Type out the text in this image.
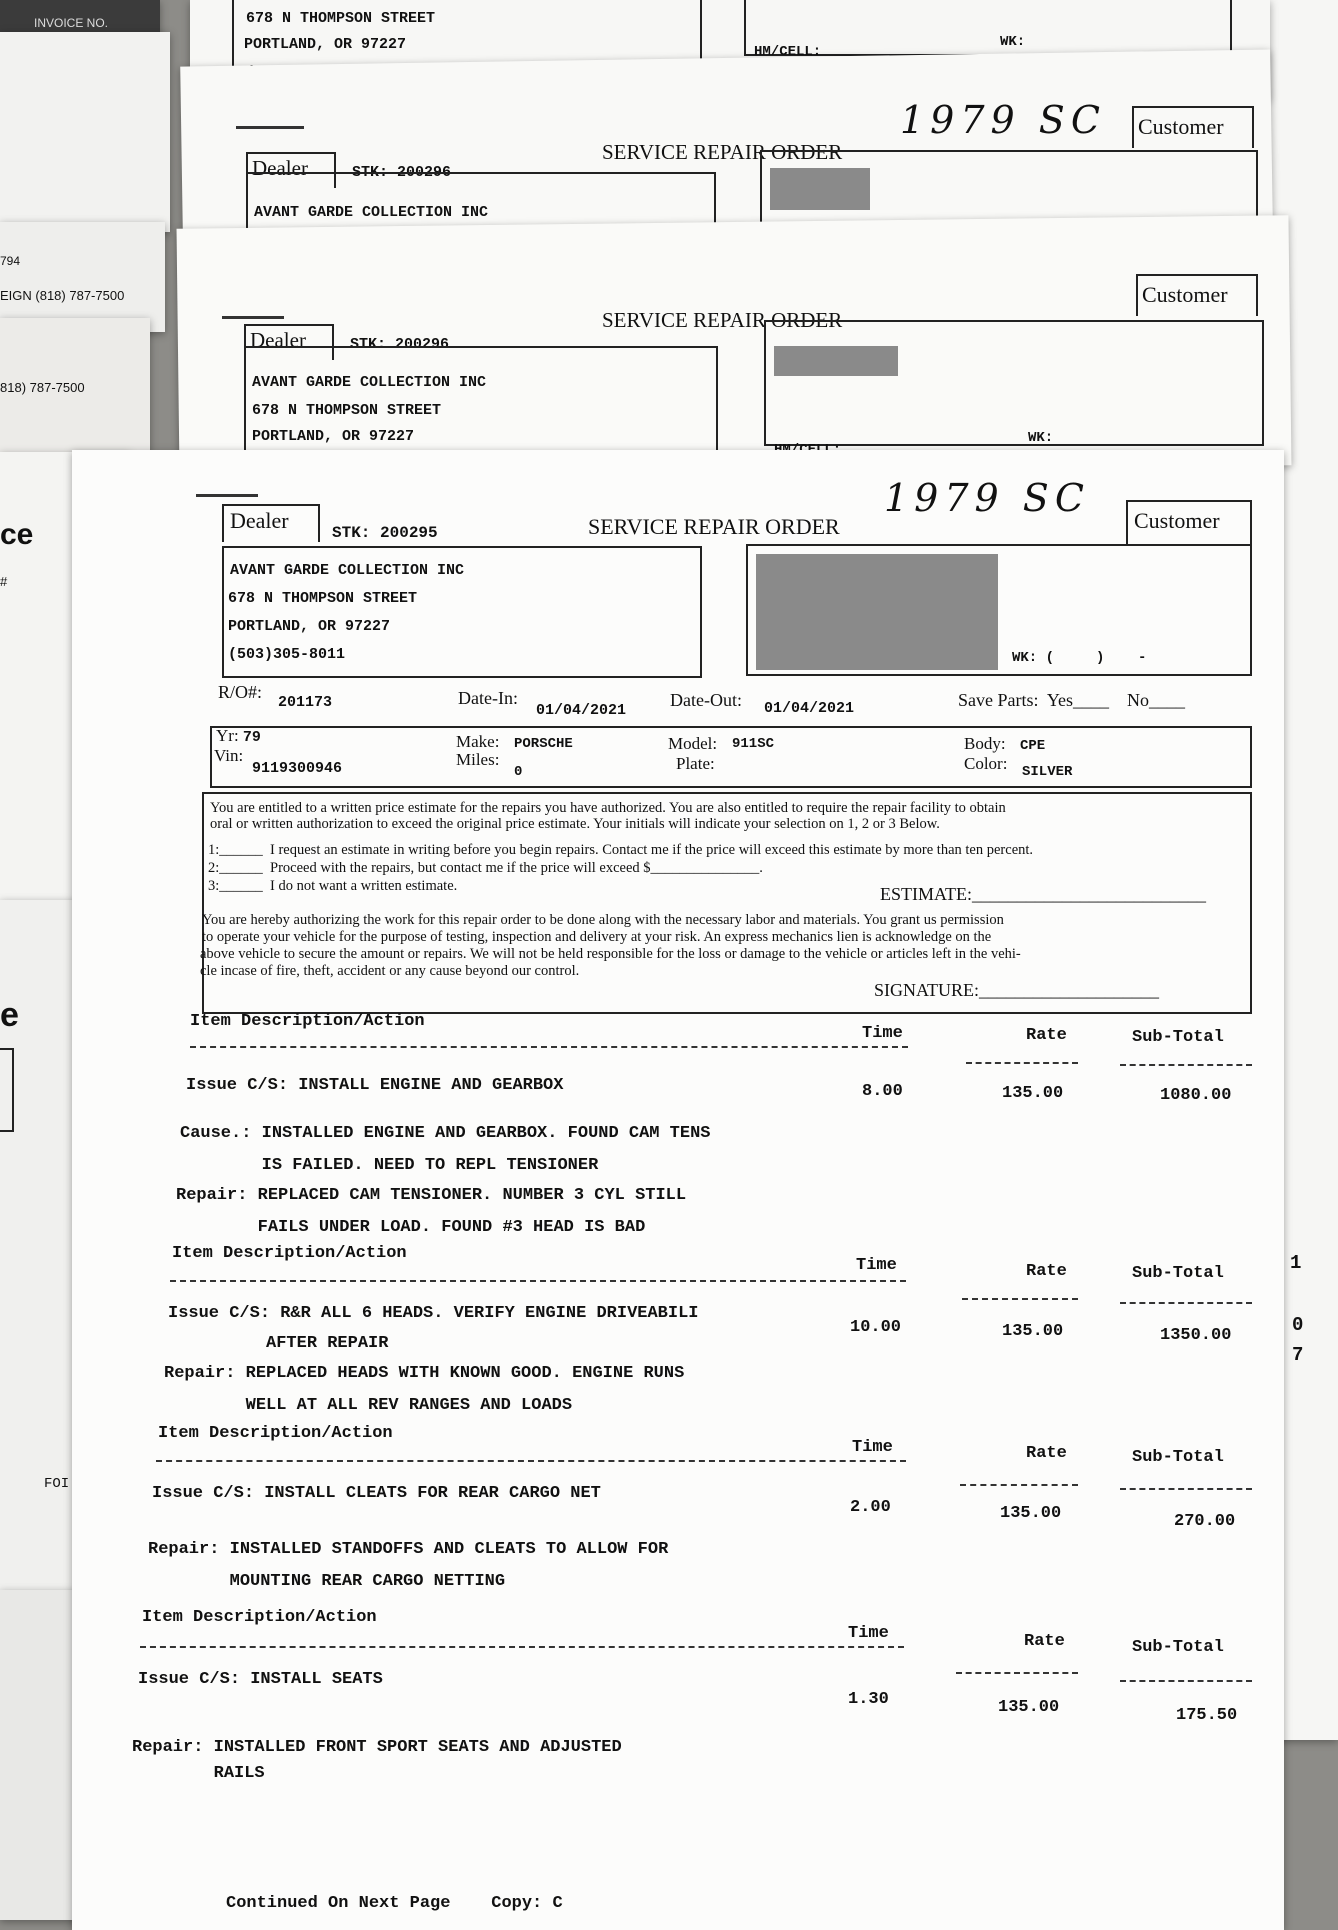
INVOICE NO.
794
EIGN (818) 787-7500
818) 787-7500
ce
#
e
FOI
1
0
7
678 N THOMPSON STREET
PORTLAND, OR 97227	HM/CELL:
WK:
Dealer	STK: 200296
SERVICE REPAIR ORDER
1979 SC Customer
AVANT GARDE COLLECTION INC
Dealer	STK: 200296
SERVICE REPAIR ORDER
Customer
AVANT GARDE COLLECTION INC
678 N THOMPSON STREET
PORTLAND, OR 97227	WK:
Dealer	STK: 200295	SERVICE REPAIR ORDER
1979 SC
Customer
AVANT GARDE COLLECTION INC
678 N THOMPSON STREET
PORTLAND, OR 97227
(503)305-8011	WK: (     )    -
R/O#:
201173	Date-In:
01/04/2021
Date-Out: 01/04/2021	Save Parts:  Yes____    No____
Yr: 79
Vin:
9119300946
Make: PORSCHE
Miles:
0
Model: 911SC
Plate:
Body: CPE
Color: SILVER
You are entitled to a written price estimate for the repairs you have authorized. You are also entitled to require the repair facility to obtain
oral or written authorization to exceed the original price estimate. Your initials will indicate your selection on 1, 2 or 3 Below.
1:______  I request an estimate in writing before you begin repairs. Contact me if the price will exceed this estimate by more than ten percent.
2:______  Proceed with the repairs, but contact me if the price will exceed $_______________.
3:______  I do not want a written estimate.	ESTIMATE:__________________________
You are hereby authorizing the work for this repair order to be done along with the necessary labor and materials. You grant us permission
to operate your vehicle for the purpose of testing, inspection and delivery at your risk. An express mechanics lien is acknowledge on the
above vehicle to secure the amount or repairs. We will not be held responsible for the loss or damage to the vehicle or articles left in the vehi-
cle incase of fire, theft, accident or any cause beyond our control.
SIGNATURE:____________________
Item Description/Action
Time	Rate	Sub-Total
Issue C/S: INSTALL ENGINE AND GEARBOX	8.00	135.00	1080.00
Cause.: INSTALLED ENGINE AND GEARBOX. FOUND CAM TENS
IS FAILED. NEED TO REPL TENSIONER
Repair: REPLACED CAM TENSIONER. NUMBER 3 CYL STILL
FAILS UNDER LOAD. FOUND #3 HEAD IS BAD
Item Description/Action
Time	Rate	Sub-Total
Issue C/S: R&R ALL 6 HEADS. VERIFY ENGINE DRIVEABILI
10.00	135.00	1350.00
AFTER REPAIR
Repair: REPLACED HEADS WITH KNOWN GOOD. ENGINE RUNS
WELL AT ALL REV RANGES AND LOADS
Item Description/Action
Time	Rate	Sub-Total
Issue C/S: INSTALL CLEATS FOR REAR CARGO NET
2.00	135.00	270.00
Repair: INSTALLED STANDOFFS AND CLEATS TO ALLOW FOR
MOUNTING REAR CARGO NETTING
Item Description/Action
Time	Rate	Sub-Total
Issue C/S: INSTALL SEATS
1.30	135.00	175.50
Repair: INSTALLED FRONT SPORT SEATS AND ADJUSTED
RAILS
Continued On Next Page    Copy: C
